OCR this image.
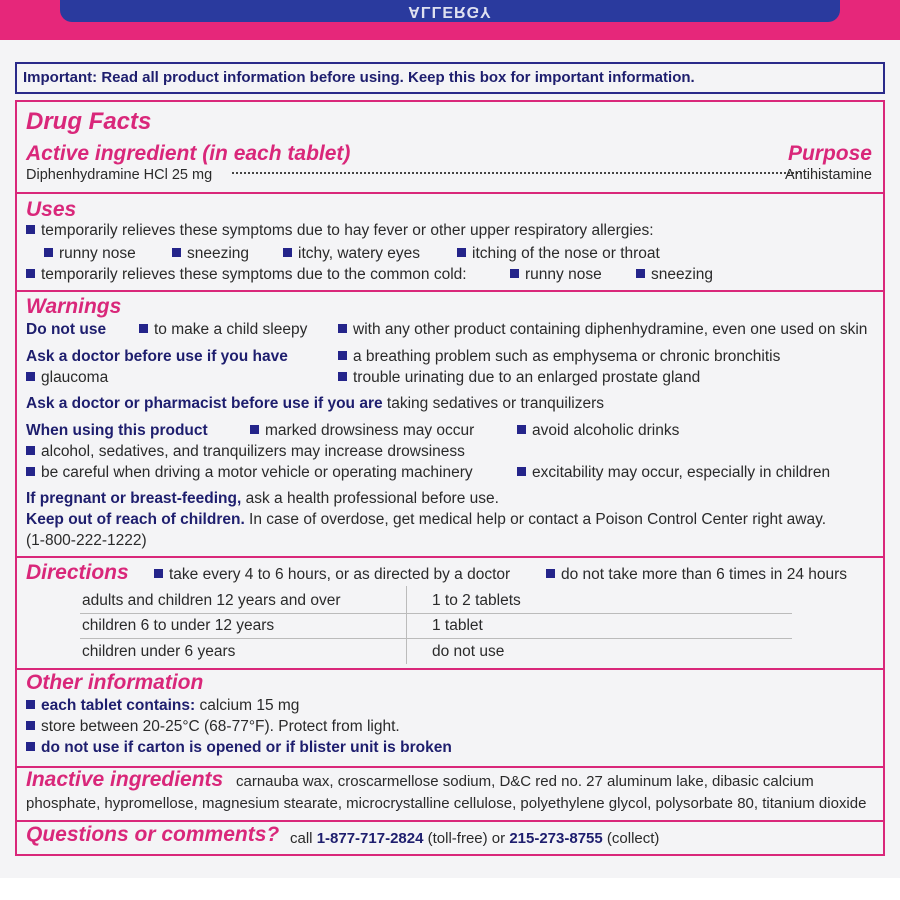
ALLERGY
Important: Read all product information before using. Keep this box for important information.
Drug Facts
Active ingredient (in each tablet)	Purpose
Diphenhydramine HCl 25 mg	Antihistamine
Uses
temporarily relieves these symptoms due to hay fever or other upper respiratory allergies:
runny nose	sneezing	itchy, watery eyes	itching of the nose or throat
temporarily relieves these symptoms due to the common cold:	runny nose	sneezing
Warnings
Do not use	to make a child sleepy	with any other product containing diphenhydramine, even one used on skin
Ask a doctor before use if you have	a breathing problem such as emphysema or chronic bronchitis
glaucoma	trouble urinating due to an enlarged prostate gland
Ask a doctor or pharmacist before use if you are taking sedatives or tranquilizers
When using this product	marked drowsiness may occur	avoid alcoholic drinks
alcohol, sedatives, and tranquilizers may increase drowsiness
be careful when driving a motor vehicle or operating machinery	excitability may occur, especially in children
If pregnant or breast-feeding, ask a health professional before use.
Keep out of reach of children. In case of overdose, get medical help or contact a Poison Control Center right away.
(1-800-222-1222)
Directions	take every 4 to 6 hours, or as directed by a doctor	do not take more than 6 times in 24 hours
adults and children 12 years and over	1 to 2 tablets
children 6 to under 12 years	1 tablet
children under 6 years	do not use
Other information
each tablet contains: calcium 15 mg
store between 20-25°C (68-77°F). Protect from light.
do not use if carton is opened or if blister unit is broken
Inactive ingredients carnauba wax, croscarmellose sodium, D&C red no. 27 aluminum lake, dibasic calcium
phosphate, hypromellose, magnesium stearate, microcrystalline cellulose, polyethylene glycol, polysorbate 80, titanium dioxide
Questions or comments? call 1-877-717-2824 (toll-free) or 215-273-8755 (collect)
